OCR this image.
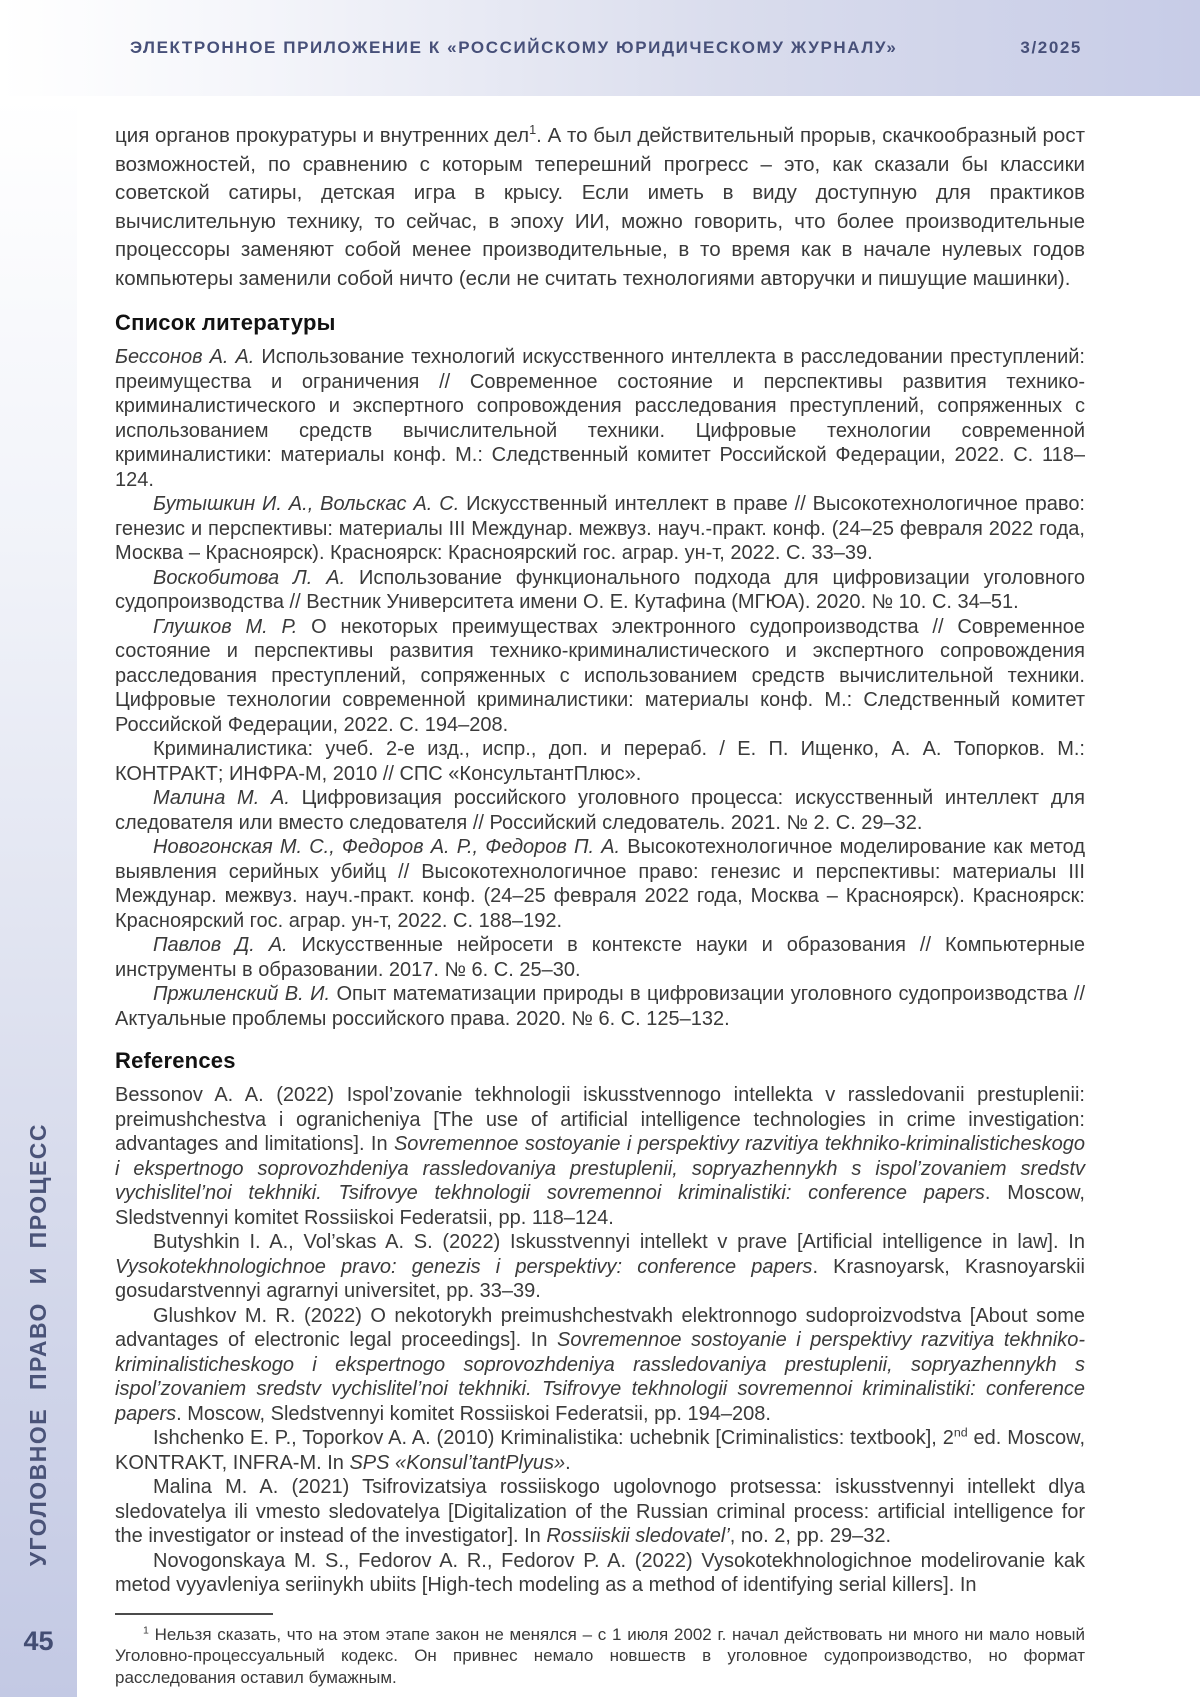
ЭЛЕКТРОННОЕ ПРИЛОЖЕНИЕ К «РОССИЙСКОМУ ЮРИДИЧЕСКОМУ ЖУРНАЛУ»	3/2025
УГОЛОВНОЕ ПРАВО И ПРОЦЕСС
45

ция органов прокуратуры и внутренних дел$^1$. А то был действительный прорыв, скачкообразный рост возможностей, по сравнению с которым теперешний прогресс – это, как сказали бы классики советской сатиры, детская игра в крысу. Если иметь в виду доступную для практиков вычислительную технику, то сейчас, в эпоху ИИ, можно говорить, что более производительные процессоры заменяют собой менее производительные, в то время как в начале нулевых годов компьютеры заменили собой ничто (если не считать технологиями авторучки и пишущие машинки).

Список литературы

Бессонов А. А. Использование технологий искусственного интеллекта в расследовании преступлений: преимущества и ограничения // Современное состояние и перспективы развития технико-криминалистического и экспертного сопровождения расследования преступлений, сопряженных с использованием средств вычислительной техники. Цифровые технологии современной криминалистики: материалы конф. М.: Следственный комитет Российской Федерации, 2022. С. 118–124.

Бутышкин И. А., Вольскас А. С. Искусственный интеллект в праве // Высокотехнологичное право: генезис и перспективы: материалы III Междунар. межвуз. науч.-практ. конф. (24–25 февраля 2022 года, Москва – Красноярск). Красноярск: Красноярский гос. аграр. ун-т, 2022. С. 33–39.

Воскобитова Л. А. Использование функционального подхода для цифровизации уголовного судопроизводства // Вестник Университета имени О. Е. Кутафина (МГЮА). 2020. № 10. С. 34–51.

Глушков М. Р. О некоторых преимуществах электронного судопроизводства // Современное состояние и перспективы развития технико-криминалистического и экспертного сопровождения расследования преступлений, сопряженных с использованием средств вычислительной техники. Цифровые технологии современной криминалистики: материалы конф. М.: Следственный комитет Российской Федерации, 2022. С. 194–208.

Криминалистика: учеб. 2-е изд., испр., доп. и перераб. / Е. П. Ищенко, А. А. Топорков. М.: КОНТРАКТ; ИНФРА-М, 2010 // СПС «КонсультантПлюс».

Малина М. А. Цифровизация российского уголовного процесса: искусственный интеллект для следователя или вместо следователя // Российский следователь. 2021. № 2. С. 29–32.

Новогонская М. С., Федоров А. Р., Федоров П. А. Высокотехнологичное моделирование как метод выявления серийных убийц // Высокотехнологичное право: генезис и перспективы: материалы III Междунар. межвуз. науч.-практ. конф. (24–25 февраля 2022 года, Москва – Красноярск). Красноярск: Красноярский гос. аграр. ун-т, 2022. С. 188–192.

Павлов Д. А. Искусственные нейросети в контексте науки и образования // Компьютерные инструменты в образовании. 2017. № 6. С. 25–30.

Пржиленский В. И. Опыт математизации природы в цифровизации уголовного судопроизводства // Актуальные проблемы российского права. 2020. № 6. С. 125–132.

References

Bessonov A. A. (2022) Ispol’zovanie tekhnologii iskusstvennogo intellekta v rassledovanii prestuplenii: preimushchestva i ogranicheniya [The use of artificial intelligence technologies in crime investigation: advantages and limitations]. In Sovremennoe sostoyanie i perspektivy razvitiya tekhniko-kriminalisticheskogo i ekspertnogo soprovozhdeniya rassledovaniya prestuplenii, sopryazhennykh s ispol’zovaniem sredstv vychislitel’noi tekhniki. Tsifrovye tekhnologii sovremennoi kriminalistiki: conference papers. Moscow, Sledstvennyi komitet Rossiiskoi Federatsii, pp. 118–124.

Butyshkin I. A., Vol’skas A. S. (2022) Iskusstvennyi intellekt v prave [Artificial intelligence in law]. In Vysokotekhnologichnoe pravo: genezis i perspektivy: conference papers. Krasnoyarsk, Krasnoyarskii gosudarstvennyi agrarnyi universitet, pp. 33–39.

Glushkov M. R. (2022) O nekotorykh preimushchestvakh elektronnogo sudoproizvodstva [About some advantages of electronic legal proceedings]. In Sovremennoe sostoyanie i perspektivy razvitiya tekhniko-kriminalisticheskogo i ekspertnogo soprovozhdeniya rassledovaniya prestuplenii, sopryazhennykh s ispol’zovaniem sredstv vychislitel’noi tekhniki. Tsifrovye tekhnologii sovremennoi kriminalistiki: conference papers. Moscow, Sledstvennyi komitet Rossiiskoi Federatsii, pp. 194–208.

Ishchenko E. P., Toporkov A. A. (2010) Kriminalistika: uchebnik [Criminalistics: textbook], 2nd ed. Moscow, KONTRAKT, INFRA-M. In SPS «Konsul’tantPlyus».

Malina M. A. (2021) Tsifrovizatsiya rossiiskogo ugolovnogo protsessa: iskusstvennyi intellekt dlya sledovatelya ili vmesto sledovatelya [Digitalization of the Russian criminal process: artificial intelligence for the investigator or instead of the investigator]. In Rossiiskii sledovatel’, no. 2, pp. 29–32.

Novogonskaya M. S., Fedorov A. R., Fedorov P. A. (2022) Vysokotekhnologichnoe modelirovanie kak metod vyyavleniya seriinykh ubiits [High-tech modeling as a method of identifying serial killers]. In

$^1$ Нельзя сказать, что на этом этапе закон не менялся – с 1 июля 2002 г. начал действовать ни много ни мало новый Уголовно-процессуальный кодекс. Он привнес немало новшеств в уголовное судопроизводство, но формат расследования оставил бумажным.
